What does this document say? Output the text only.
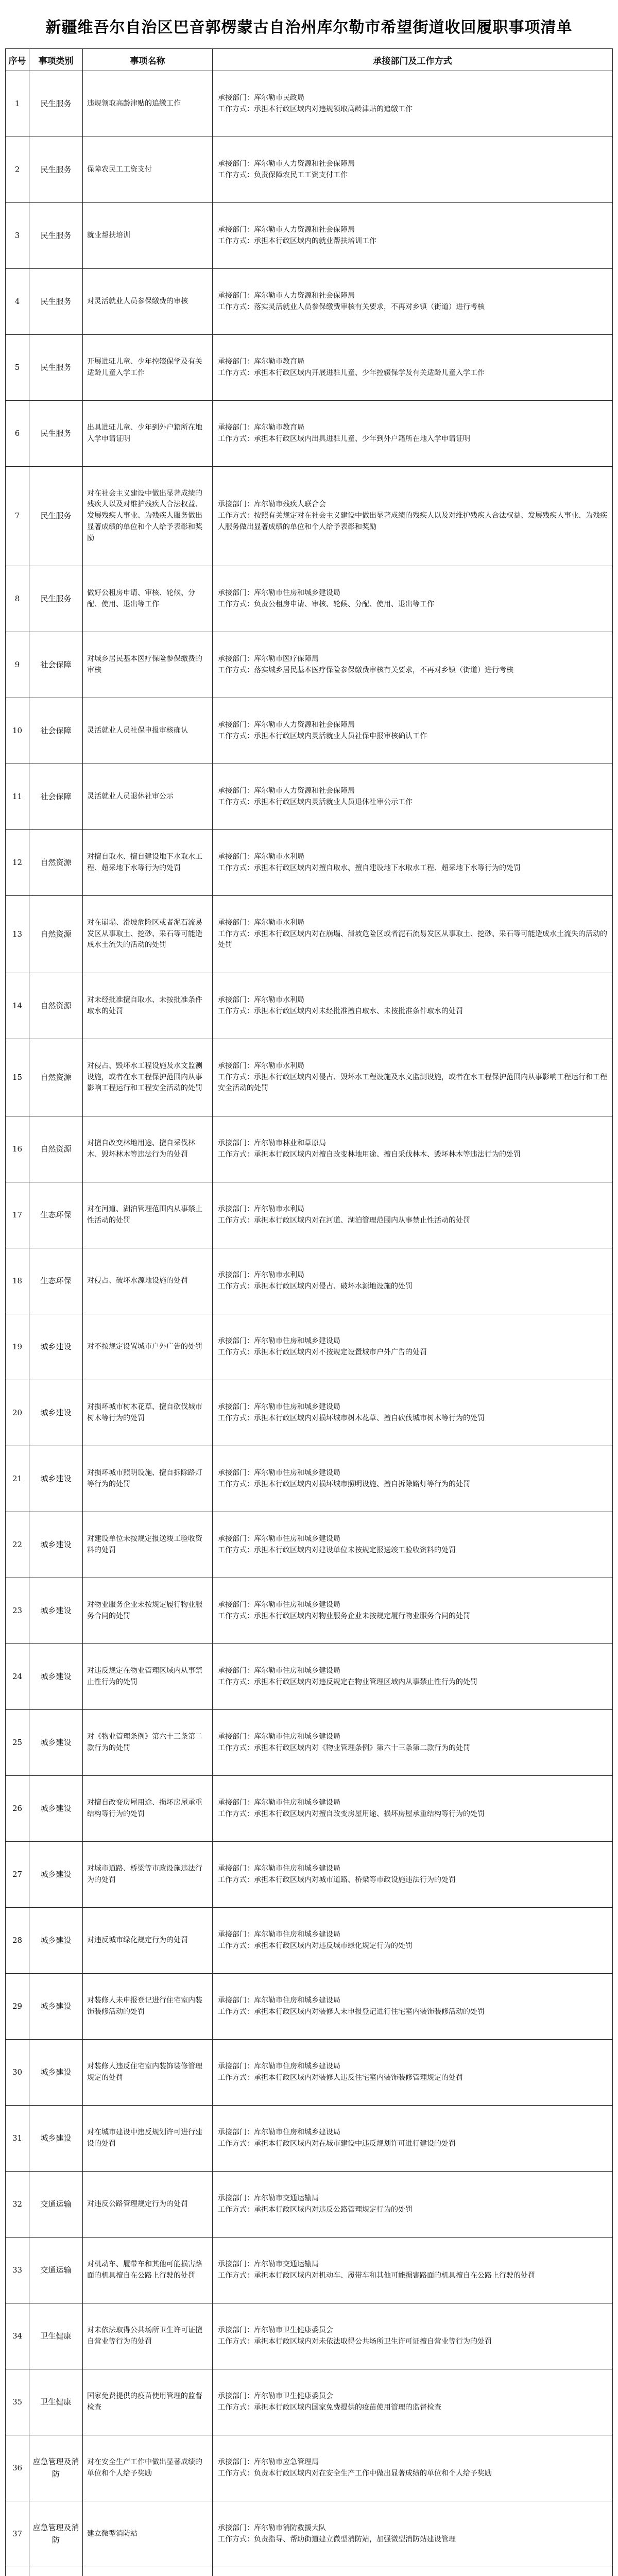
新疆维吾尔自治区巴音郭楞蒙古自治州库尔勒市希望街道收回履职事项清单
序号	事项类别	事项名称	承接部门及工作方式
1	民生服务	违规领取高龄津贴的追缴工作	承接部门：库尔勒市民政局
工作方式：承担本行政区域内对违规领取高龄津贴的追缴工作

2	民生服务	保障农民工工资支付	承接部门：库尔勒市人力资源和社会保障局
工作方式：负责保障农民工工资支付工作

3	民生服务	就业帮扶培训	承接部门：库尔勒市人力资源和社会保障局
工作方式：承担本行政区域内的就业帮扶培训工作

4	民生服务	对灵活就业人员参保缴费的审核	承接部门：库尔勒市人力资源和社会保障局
工作方式：落实灵活就业人员参保缴费审核有关要求，不再对乡镇（街道）进行考核

5	民生服务	开展进驻儿童、少年控辍保学及有关适龄儿童入学工作	承接部门：库尔勒市教育局
工作方式：承担本行政区域内开展进驻儿童、少年控辍保学及有关适龄儿童入学工作

6	民生服务	出具进驻儿童、少年到外户籍所在地入学申请证明	承接部门：库尔勒市教育局
工作方式：承担本行政区域内出具进驻儿童、少年到外户籍所在地入学申请证明

7	民生服务	对在社会主义建设中做出显著成绩的残疾人以及对维护残疾人合法权益、发展残疾人事业、为残疾人服务做出显著成绩的单位和个人给予表彰和奖励	承接部门：库尔勒市残疾人联合会
工作方式：按照有关规定对在社会主义建设中做出显著成绩的残疾人以及对维护残疾人合法权益、发展残疾人事业、为残疾人服务做出显著成绩的单位和个人给予表彰和奖励

8	民生服务	做好公租房申请、审核、轮候、分配、使用、退出等工作	承接部门：库尔勒市住房和城乡建设局
工作方式：负责公租房申请、审核、轮候、分配、使用、退出等工作

9	社会保障	对城乡居民基本医疗保险参保缴费的审核	承接部门：库尔勒市医疗保障局
工作方式：落实城乡居民基本医疗保险参保缴费审核有关要求，不再对乡镇（街道）进行考核

10	社会保障	灵活就业人员社保申报审核确认	承接部门：库尔勒市人力资源和社会保障局
工作方式：承担本行政区域内灵活就业人员社保申报审核确认工作

11	社会保障	灵活就业人员退休社审公示	承接部门：库尔勒市人力资源和社会保障局
工作方式：承担本行政区域内灵活就业人员退休社审公示工作

12	自然资源	对擅自取水、擅自建设地下水取水工程、超采地下水等行为的处罚	承接部门：库尔勒市水利局
工作方式：承担本行政区域内对擅自取水、擅自建设地下水取水工程、超采地下水等行为的处罚

13	自然资源	对在崩塌、滑坡危险区或者泥石流易发区从事取土、挖砂、采石等可能造成水土流失的活动的处罚	承接部门：库尔勒市水利局
工作方式：承担本行政区域内对在崩塌、滑坡危险区或者泥石流易发区从事取土、挖砂、采石等可能造成水土流失的活动的处罚

14	自然资源	对未经批准擅自取水、未按批准条件取水的处罚	承接部门：库尔勒市水利局
工作方式：承担本行政区域内对未经批准擅自取水、未按批准条件取水的处罚

15	自然资源	对侵占、毁坏水工程设施及水文监测设施，或者在水工程保护范围内从事影响工程运行和工程安全活动的处罚	承接部门：库尔勒市水利局
工作方式：承担本行政区域内对侵占、毁坏水工程设施及水文监测设施，或者在水工程保护范围内从事影响工程运行和工程安全活动的处罚

16	自然资源	对擅自改变林地用途、擅自采伐林木、毁坏林木等违法行为的处罚	承接部门：库尔勒市林业和草原局
工作方式：承担本行政区域内对擅自改变林地用途、擅自采伐林木、毁坏林木等违法行为的处罚

17	生态环保	对在河道、湖泊管理范围内从事禁止性活动的处罚	承接部门：库尔勒市水利局
工作方式：承担本行政区域内对在河道、湖泊管理范围内从事禁止性活动的处罚

18	生态环保	对侵占、破坏水源地设施的处罚	承接部门：库尔勒市水利局
工作方式：承担本行政区域内对侵占、破坏水源地设施的处罚

19	城乡建设	对不按规定设置城市户外广告的处罚	承接部门：库尔勒市住房和城乡建设局
工作方式：承担本行政区域内对不按规定设置城市户外广告的处罚

20	城乡建设	对损坏城市树木花草、擅自砍伐城市树木等行为的处罚	承接部门：库尔勒市住房和城乡建设局
工作方式：承担本行政区域内对损坏城市树木花草、擅自砍伐城市树木等行为的处罚

21	城乡建设	对损坏城市照明设施、擅自拆除路灯等行为的处罚	承接部门：库尔勒市住房和城乡建设局
工作方式：承担本行政区域内对损坏城市照明设施、擅自拆除路灯等行为的处罚

22	城乡建设	对建设单位未按规定报送竣工验收资料的处罚	承接部门：库尔勒市住房和城乡建设局
工作方式：承担本行政区域内对建设单位未按规定报送竣工验收资料的处罚

23	城乡建设	对物业服务企业未按规定履行物业服务合同的处罚	承接部门：库尔勒市住房和城乡建设局
工作方式：承担本行政区域内对物业服务企业未按规定履行物业服务合同的处罚

24	城乡建设	对违反规定在物业管理区域内从事禁止性行为的处罚	承接部门：库尔勒市住房和城乡建设局
工作方式：承担本行政区域内对违反规定在物业管理区域内从事禁止性行为的处罚

25	城乡建设	对《物业管理条例》第六十三条第二款行为的处罚	承接部门：库尔勒市住房和城乡建设局
工作方式：承担本行政区域内对《物业管理条例》第六十三条第二款行为的处罚

26	城乡建设	对擅自改变房屋用途、损坏房屋承重结构等行为的处罚	承接部门：库尔勒市住房和城乡建设局
工作方式：承担本行政区域内对擅自改变房屋用途、损坏房屋承重结构等行为的处罚

27	城乡建设	对城市道路、桥梁等市政设施违法行为的处罚	承接部门：库尔勒市住房和城乡建设局
工作方式：承担本行政区域内对城市道路、桥梁等市政设施违法行为的处罚

28	城乡建设	对违反城市绿化规定行为的处罚	承接部门：库尔勒市住房和城乡建设局
工作方式：承担本行政区域内对违反城市绿化规定行为的处罚

29	城乡建设	对装修人未申报登记进行住宅室内装饰装修活动的处罚	承接部门：库尔勒市住房和城乡建设局
工作方式：承担本行政区域内对装修人未申报登记进行住宅室内装饰装修活动的处罚

30	城乡建设	对装修人违反住宅室内装饰装修管理规定的处罚	承接部门：库尔勒市住房和城乡建设局
工作方式：承担本行政区域内对装修人违反住宅室内装饰装修管理规定的处罚

31	城乡建设	对在城市建设中违反规划许可进行建设的处罚	承接部门：库尔勒市住房和城乡建设局
工作方式：承担本行政区域内对在城市建设中违反规划许可进行建设的处罚

32	交通运输	对违反公路管理规定行为的处罚	承接部门：库尔勒市交通运输局
工作方式：承担本行政区域内对违反公路管理规定行为的处罚

33	交通运输	对机动车、履带车和其他可能损害路面的机具擅自在公路上行驶的处罚	承接部门：库尔勒市交通运输局
工作方式：承担本行政区域内对机动车、履带车和其他可能损害路面的机具擅自在公路上行驶的处罚

34	卫生健康	对未依法取得公共场所卫生许可证擅自营业等行为的处罚	承接部门：库尔勒市卫生健康委员会
工作方式：承担本行政区域内对未依法取得公共场所卫生许可证擅自营业等行为的处罚

35	卫生健康	国家免费提供的疫苗使用管理的监督检查	承接部门：库尔勒市卫生健康委员会
工作方式：承担本行政区域内国家免费提供的疫苗使用管理的监督检查

36	应急管理及消防	对在安全生产工作中做出显著成绩的单位和个人给予奖励	承接部门：库尔勒市应急管理局
工作方式：负责本行政区域内对在安全生产工作中做出显著成绩的单位和个人给予奖励

37	应急管理及消防	建立微型消防站	承接部门：库尔勒市消防救援大队
工作方式：负责指导、帮助街道建立微型消防站，加强微型消防站建设管理
